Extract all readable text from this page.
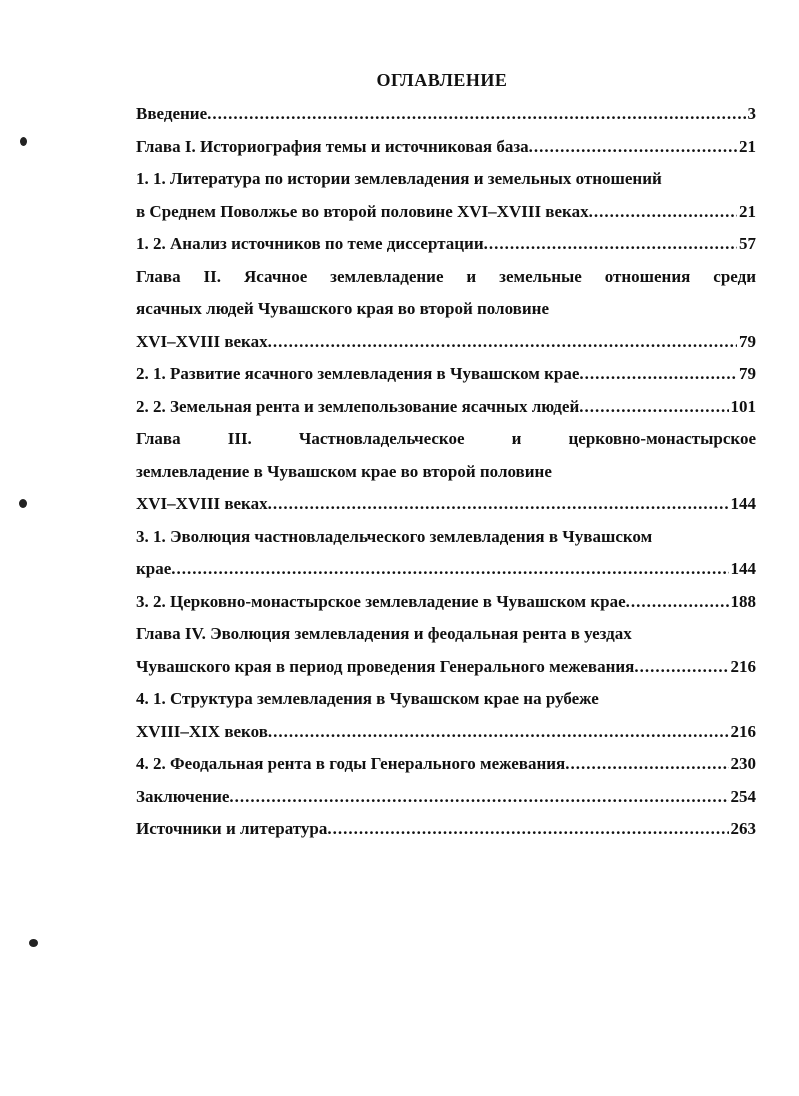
ОГЛАВЛЕНИЕ
Введение .....	3
Глава I. Историография темы и источниковая база .....	21
1. 1. Литература по истории землевладения и земельных отношений
в Среднем Поволжье во второй половине XVI–XVIII веках .....	21
1. 2. Анализ источников по теме диссертации .....	57
Глава II. Ясачное землевладение и земельные отношения среди
ясачных людей Чувашского края во второй половине
XVI–XVIII веках .....	79
2. 1. Развитие ясачного землевладения в Чувашском крае .....	79
2. 2. Земельная рента и землепользование ясачных людей .....	101
Глава III. Частновладельческое и церковно-монастырское
землевладение в Чувашском крае во второй половине
XVI–XVIII веках .....	144
3. 1. Эволюция частновладельческого землевладения в Чувашском
крае .....	144
3. 2. Церковно-монастырское землевладение в Чувашском крае .....	188
Глава IV. Эволюция землевладения и феодальная рента в уездах
Чувашского края в период проведения Генерального межевания .....	216
4. 1. Структура землевладения в Чувашском крае на рубеже
XVIII–XIX веков .....	216
4. 2. Феодальная рента в годы Генерального межевания .....	230
Заключение .....	254
Источники и литература .....	263
